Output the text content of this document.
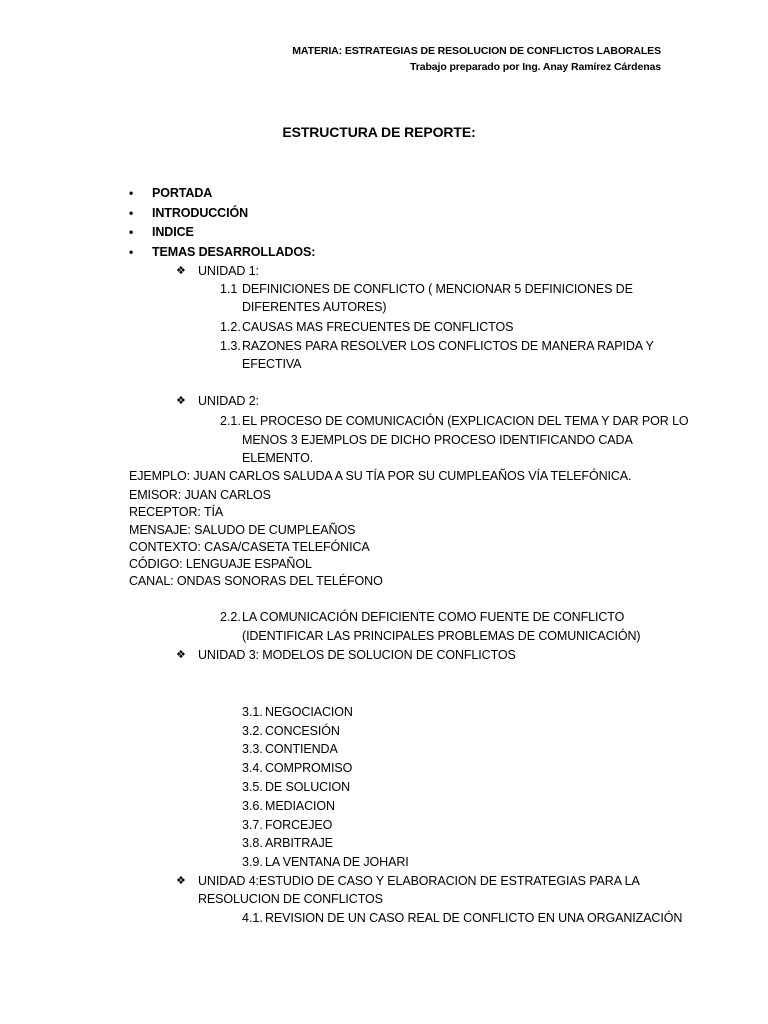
MATERIA: ESTRATEGIAS DE RESOLUCION DE CONFLICTOS LABORALES
Trabajo preparado por Ing. Anay Ramírez Cárdenas
ESTRUCTURA DE REPORTE:
• PORTADA
• INTRODUCCIÓN
• INDICE
• TEMAS DESARROLLADOS:
❖ UNIDAD 1:
1.1 DEFINICIONES DE CONFLICTO ( MENCIONAR 5 DEFINICIONES DE
DIFERENTES AUTORES)
1.2. CAUSAS MAS FRECUENTES DE CONFLICTOS
1.3. RAZONES PARA RESOLVER LOS CONFLICTOS DE MANERA RAPIDA Y
EFECTIVA
❖ UNIDAD 2:
2.1. EL PROCESO DE COMUNICACIÓN (EXPLICACION DEL TEMA Y DAR POR LO
MENOS 3 EJEMPLOS DE DICHO PROCESO IDENTIFICANDO CADA
ELEMENTO.
EJEMPLO: JUAN CARLOS SALUDA A SU TÍA POR SU CUMPLEAÑOS VÍA TELEFÓNICA.
EMISOR: JUAN CARLOS
RECEPTOR: TÍA
MENSAJE: SALUDO DE CUMPLEAÑOS
CONTEXTO: CASA/CASETA TELEFÓNICA
CÓDIGO: LENGUAJE ESPAÑOL
CANAL: ONDAS SONORAS DEL TELÉFONO
2.2. LA COMUNICACIÓN DEFICIENTE COMO FUENTE DE CONFLICTO
(IDENTIFICAR LAS PRINCIPALES PROBLEMAS DE COMUNICACIÓN)
❖ UNIDAD 3: MODELOS DE SOLUCION DE CONFLICTOS
3.1. NEGOCIACION
3.2. CONCESIÓN
3.3. CONTIENDA
3.4. COMPROMISO
3.5. DE SOLUCION
3.6. MEDIACION
3.7. FORCEJEO
3.8. ARBITRAJE
3.9. LA VENTANA DE JOHARI
❖ UNIDAD 4:ESTUDIO DE CASO Y ELABORACION DE ESTRATEGIAS PARA LA
RESOLUCION DE CONFLICTOS
4.1. REVISION DE UN CASO REAL DE CONFLICTO EN UNA ORGANIZACIÓN
